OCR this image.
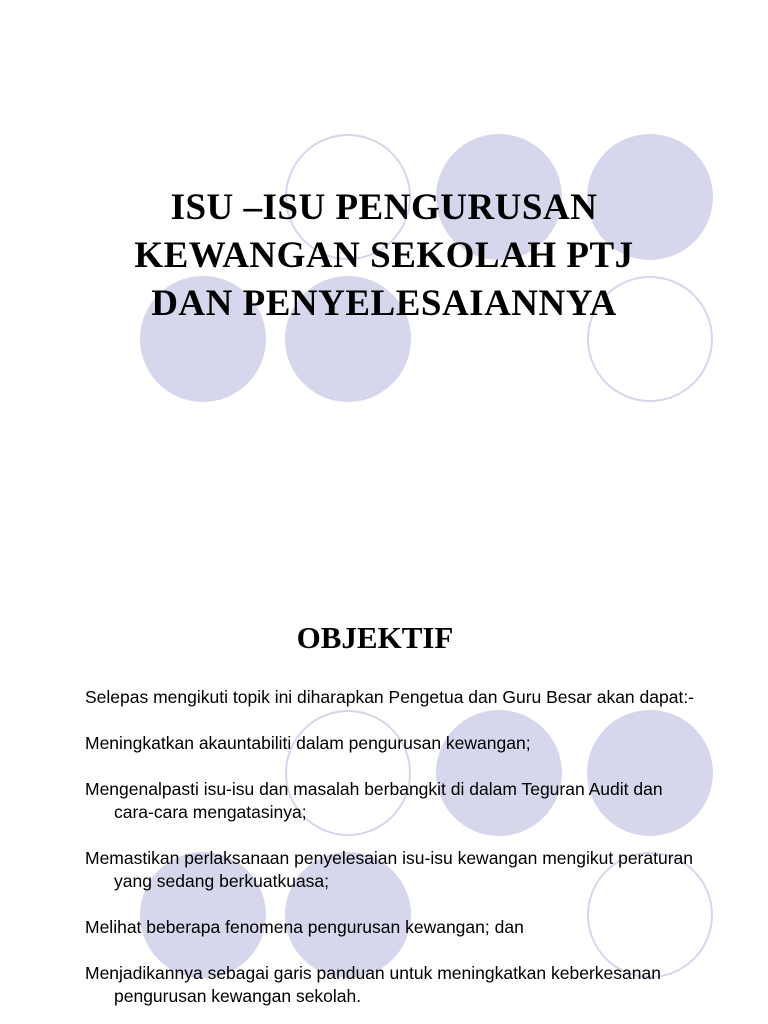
ISU –ISU PENGURUSAN
KEWANGAN SEKOLAH PTJ
DAN PENYELESAIANNYA
OBJEKTIF
Selepas mengikuti topik ini diharapkan Pengetua dan Guru Besar akan dapat:-
Meningkatkan akauntabiliti dalam pengurusan kewangan;
Mengenalpasti isu-isu dan masalah berbangkit di dalam Teguran Audit dan cara-cara mengatasinya;
Memastikan perlaksanaan penyelesaian isu-isu kewangan mengikut peraturan yang sedang berkuatkuasa;
Melihat beberapa fenomena pengurusan kewangan; dan
Menjadikannya sebagai garis panduan untuk meningkatkan keberkesanan pengurusan kewangan sekolah.
